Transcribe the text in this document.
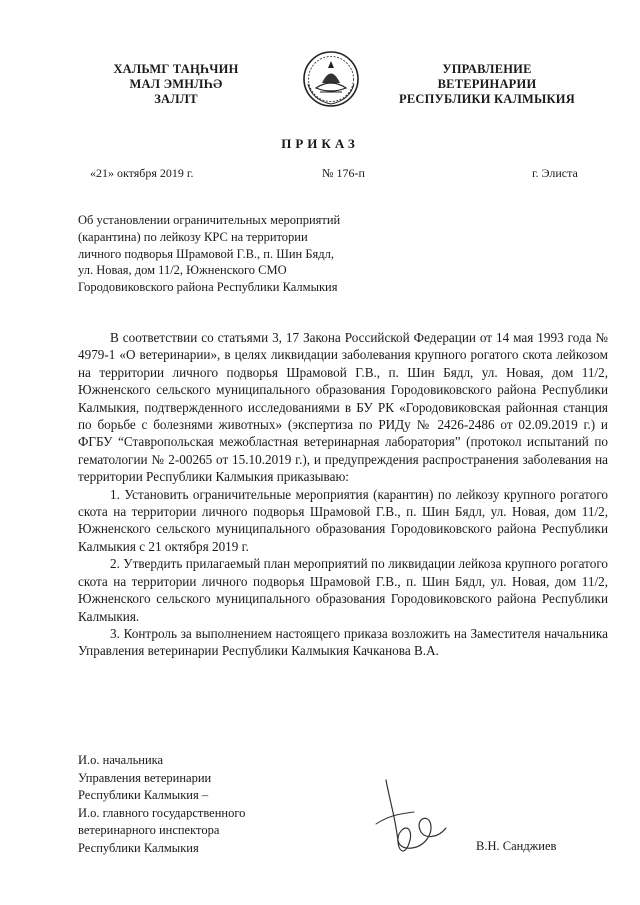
ХАЛЬМГ ТАҢҺЧИН
МАЛ ЭМНЛҺӘ
ЗАЛЛТ
УПРАВЛЕНИЕ
ВЕТЕРИНАРИИ
РЕСПУБЛИКИ КАЛМЫКИЯ
ПРИКАЗ
«21» октября 2019 г.	№ 176-п	г. Элиста
Об установлении ограничительных мероприятий
(карантина) по лейкозу КРС на территории
личного подворья Шрамовой Г.В., п. Шин Бядл,
ул. Новая, дом 11/2, Южненского СМО
Городовиковского района Республики Калмыкия

В соответствии со статьями 3, 17 Закона Российской Федерации от 14 мая 1993 года № 4979-1 «О ветеринарии», в целях ликвидации заболевания крупного рогатого скота лейкозом на территории личного подворья Шрамовой Г.В., п. Шин Бядл, ул. Новая, дом 11/2, Южненского сельского муниципального образования Городовиковского района Республики Калмыкия, подтвержденного исследованиями в БУ РК «Городовиковская районная станция по борьбе с болезнями животных» (экспертиза по РИДу № 2426-2486 от 02.09.2019 г.) и ФГБУ “Ставропольская межобластная ветеринарная лаборатория” (протокол испытаний по гематологии № 2-00265 от 15.10.2019 г.), и предупреждения распространения заболевания на территории Республики Калмыкия приказываю:

1. Установить ограничительные мероприятия (карантин) по лейкозу крупного рогатого скота на территории личного подворья Шрамовой Г.В., п. Шин Бядл, ул. Новая, дом 11/2, Южненского сельского муниципального образования Городовиковского района Республики Калмыкия с 21 октября 2019 г.

2. Утвердить прилагаемый план мероприятий по ликвидации лейкоза крупного рогатого скота на территории личного подворья Шрамовой Г.В., п. Шин Бядл, ул. Новая, дом 11/2, Южненского сельского муниципального образования Городовиковского района Республики Калмыкия.

3. Контроль за выполнением настоящего приказа возложить на Заместителя начальника Управления ветеринарии Республики Калмыкия Качканова В.А.

И.о. начальника
Управления ветеринарии
Республики Калмыкия –
И.о. главного государственного
ветеринарного инспектора
Республики Калмыкия	В.Н. Санджиев
